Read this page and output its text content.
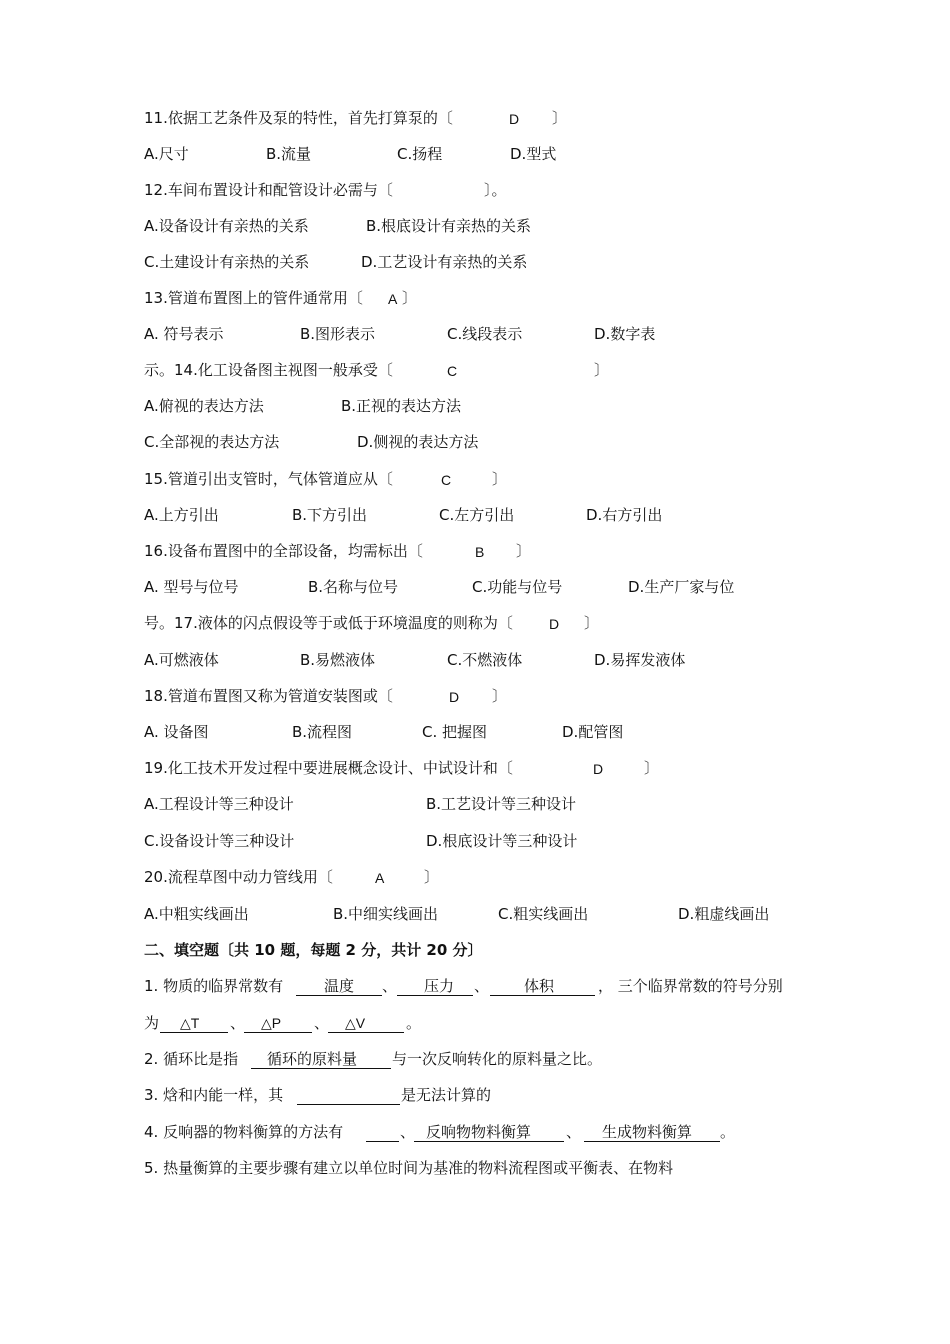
11.依据工艺条件及泵的特性，首先打算泵的〔	D 〕
A.尺寸	B.流量	C.扬程	D.型式
12.车间布置设计和配管设计必需与〔	〕。
A.设备设计有亲热的关系	B.根底设计有亲热的关系
C.土建设计有亲热的关系	D.工艺设计有亲热的关系
13.管道布置图上的管件通常用〔 A 〕
A. 符号表示	B.图形表示	C.线段表示	D.数字表
示。14.化工设备图主视图一般承受〔	C	〕
A.俯视的表达方法	B.正视的表达方法
C.全部视的表达方法	D.侧视的表达方法
15.管道引出支管时，气体管道应从〔	C	〕
A.上方引出	B.下方引出	C.左方引出	D.右方引出
16.设备布置图中的全部设备，均需标出〔	B 〕
A. 型号与位号	B.名称与位号	C.功能与位号	D.生产厂家与位
号。17.液体的闪点假设等于或低于环境温度的则称为〔	D 〕
A.可燃液体	B.易燃液体	C.不燃液体	D.易挥发液体
18.管道布置图又称为管道安装图或〔	D 〕
A. 设备图	B.流程图	C. 把握图	D.配管图
19.化工技术开发过程中要进展概念设计、中试设计和〔	D	〕
A.工程设计等三种设计	B.工艺设计等三种设计
C.设备设计等三种设计	D.根底设计等三种设计
20.流程草图中动力管线用〔	A	〕
A.中粗实线画出	B.中细实线画出	C.粗实线画出	D.粗虚线画出
二、填空题〔共 10 题，每题 2 分，共计 20 分〕
1. 物质的临界常数有	温度 、 压力 、 体积	， 三个临界常数的符号分别
为 △T 、 △P 、 △V	。
2. 循环比是指 循环的原料量 与一次反响转化的原料量之比。
3. 焓和内能一样，其	是无法计算的
4. 反响器的物料衡算的方法有	、 反响物物料衡算 、 生成物料衡算 。
5. 热量衡算的主要步骤有建立以单位时间为基准的物料流程图或平衡表、在物料
